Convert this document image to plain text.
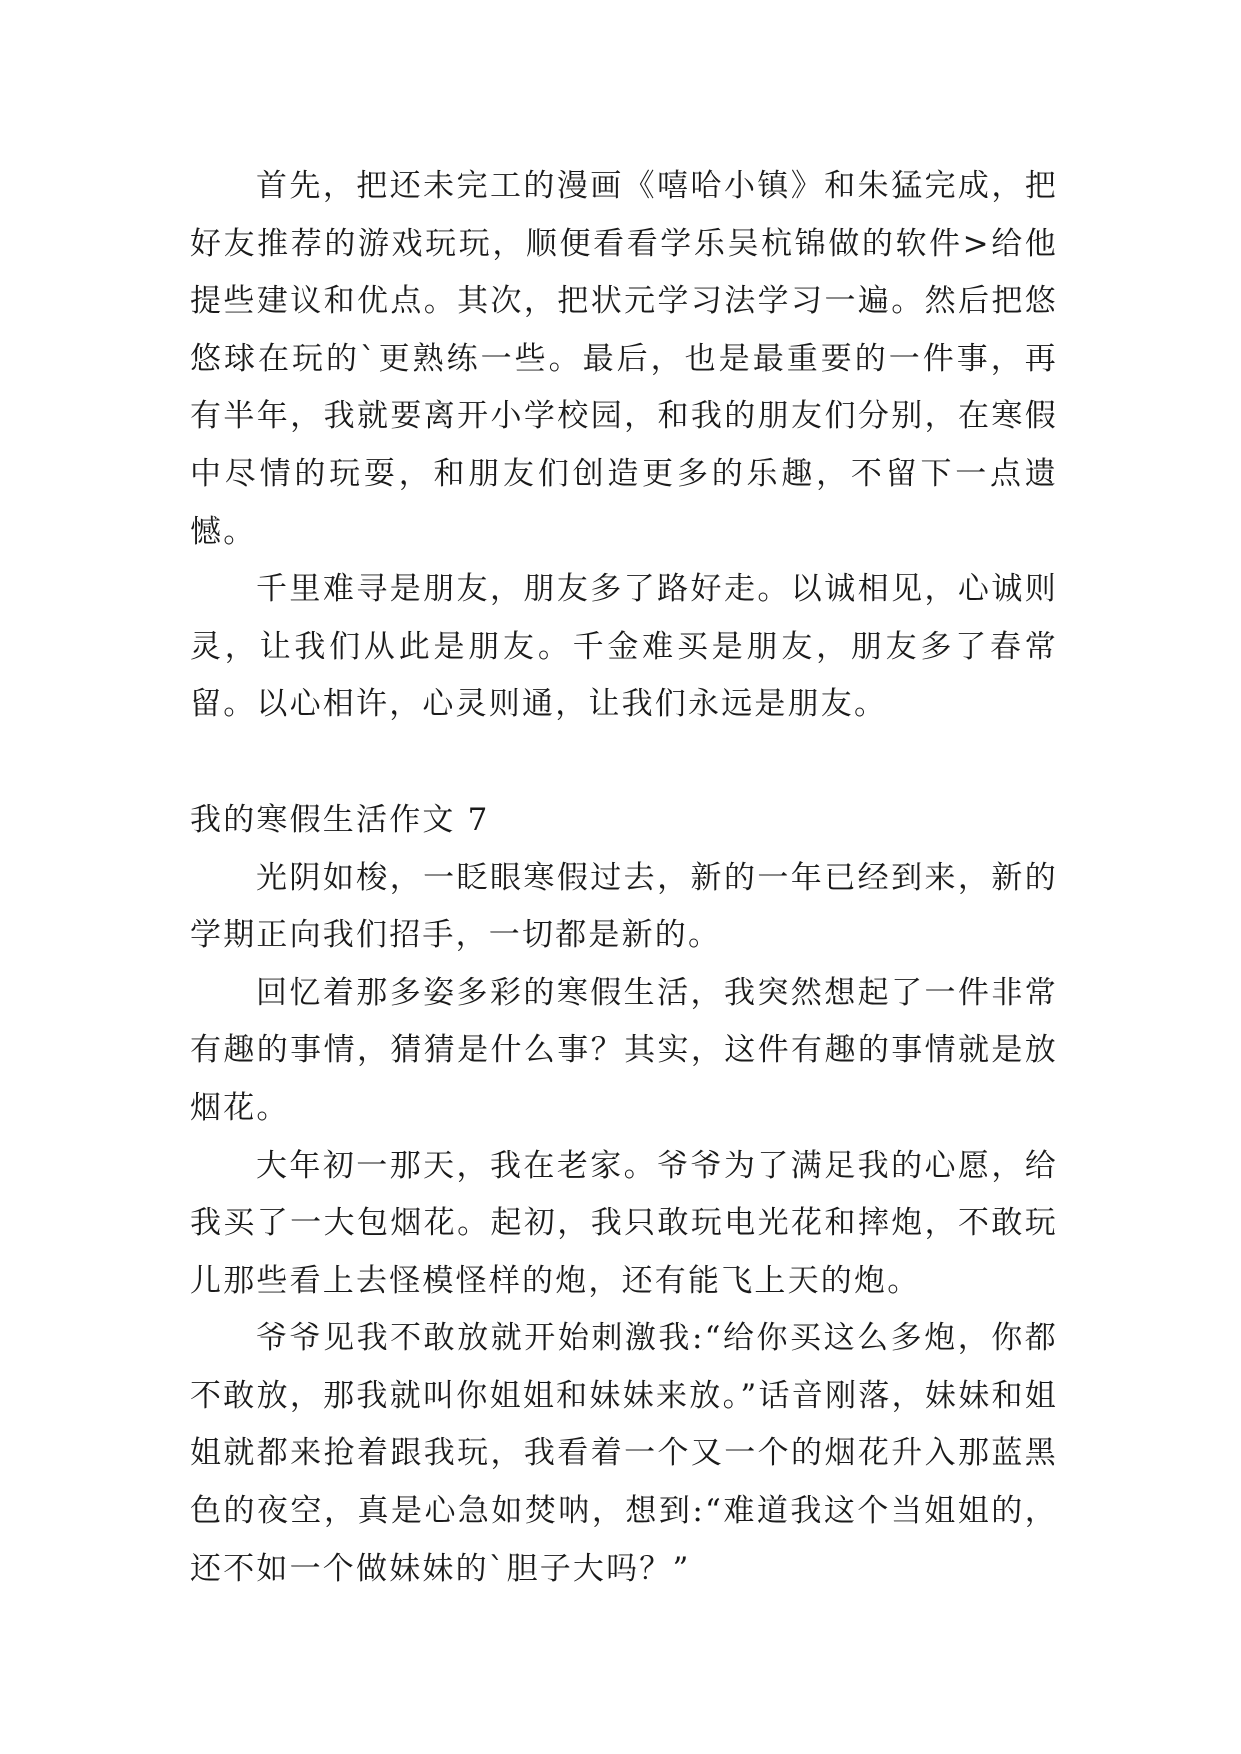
首先，把还未完工的漫画《嘻哈小镇》和朱猛完成，把好友推荐的游戏玩玩，顺便看看学乐吴杭锦做的软件>给他提些建议和优点。其次，把状元学习法学习一遍。然后把悠悠球在玩的`更熟练一些。最后，也是最重要的一件事，再有半年，我就要离开小学校园，和我的朋友们分别，在寒假中尽情的玩耍，和朋友们创造更多的乐趣，不留下一点遗憾。

千里难寻是朋友，朋友多了路好走。以诚相见，心诚则灵，让我们从此是朋友。千金难买是朋友，朋友多了春常留。以心相许，心灵则通，让我们永远是朋友。

我的寒假生活作文 7

光阴如梭，一眨眼寒假过去，新的一年已经到来，新的学期正向我们招手，一切都是新的。

回忆着那多姿多彩的寒假生活，我突然想起了一件非常有趣的事情，猜猜是什么事？其实，这件有趣的事情就是放烟花。

大年初一那天，我在老家。爷爷为了满足我的心愿，给我买了一大包烟花。起初，我只敢玩电光花和摔炮，不敢玩儿那些看上去怪模怪样的炮，还有能飞上天的炮。

爷爷见我不敢放就开始刺激我:“给你买这么多炮，你都不敢放，那我就叫你姐姐和妹妹来放。”话音刚落，妹妹和姐姐就都来抢着跟我玩，我看着一个又一个的烟花升入那蓝黑色的夜空，真是心急如焚呐，想到:“难道我这个当姐姐的，还不如一个做妹妹的`胆子大吗？”
